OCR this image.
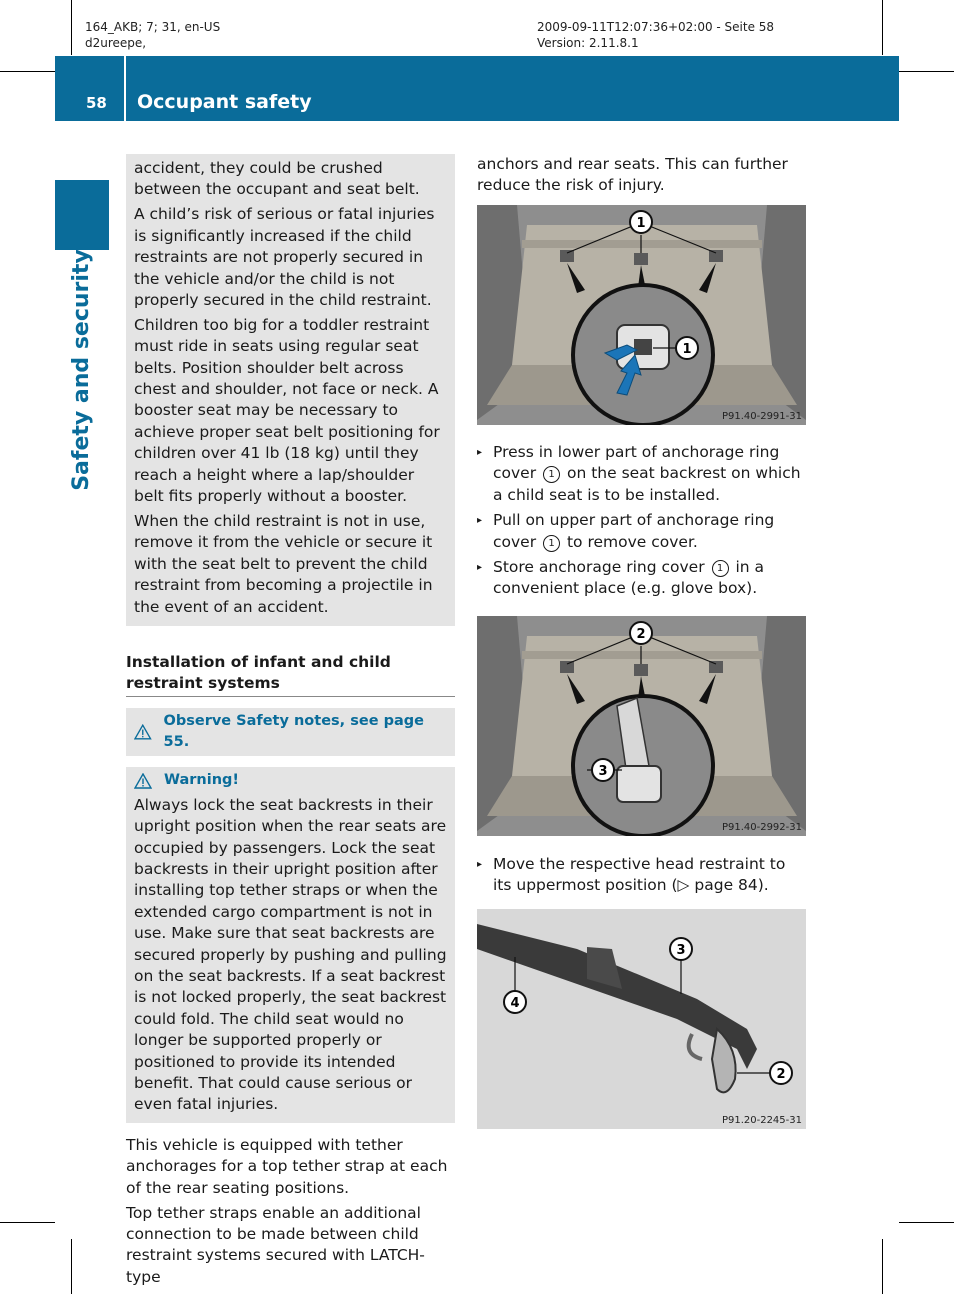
164_AKB; 7; 31, en-US
d2ureepe,
2009-09-11T12:07:36+02:00 - Seite 58
Version: 2.11.8.1
58 Occupant safety
Safety and security

accident, they could be crushed between the occupant and seat belt.

A child’s risk of serious or fatal injuries is significantly increased if the child restraints are not properly secured in the vehicle and/or the child is not properly secured in the child restraint.

Children too big for a toddler restraint must ride in seats using regular seat belts. Position shoulder belt across chest and shoulder, not face or neck. A booster seat may be necessary to achieve proper seat belt positioning for children over 41 lb (18 kg) until they reach a height where a lap/shoulder belt fits properly without a booster.

When the child restraint is not in use, remove it from the vehicle or secure it with the seat belt to prevent the child restraint from becoming a projectile in the event of an accident.

Installation of infant and child restraint systems
Observe Safety notes, see page 55.
Warning!

Always lock the seat backrests in their upright position when the rear seats are occupied by passengers. Lock the seat backrests in their upright position after installing top tether straps or when the extended cargo compartment is not in use. Make sure that seat backrests are secured properly by pushing and pulling on the seat backrests. If a seat backrest is not locked properly, the seat backrest could fold. The child seat would no longer be supported properly or positioned to provide its intended benefit. That could cause serious or even fatal injuries.

This vehicle is equipped with tether anchorages for a top tether strap at each of the rear seating positions.

Top tether straps enable an additional connection to be made between child restraint systems secured with LATCH-type

anchors and rear seats. This can further reduce the risk of injury.

1
1
P91.40-2991-31
▸ Press in lower part of anchorage ring cover 1 on the seat backrest on which a child seat is to be installed.
▸ Pull on upper part of anchorage ring cover 1 to remove cover.
▸ Store anchorage ring cover 1 in a convenient place (e.g. glove box).
2
3
P91.40-2992-31
▸ Move the respective head restraint to its uppermost position (▷ page 84).
4
3
2
P91.20-2245-31
